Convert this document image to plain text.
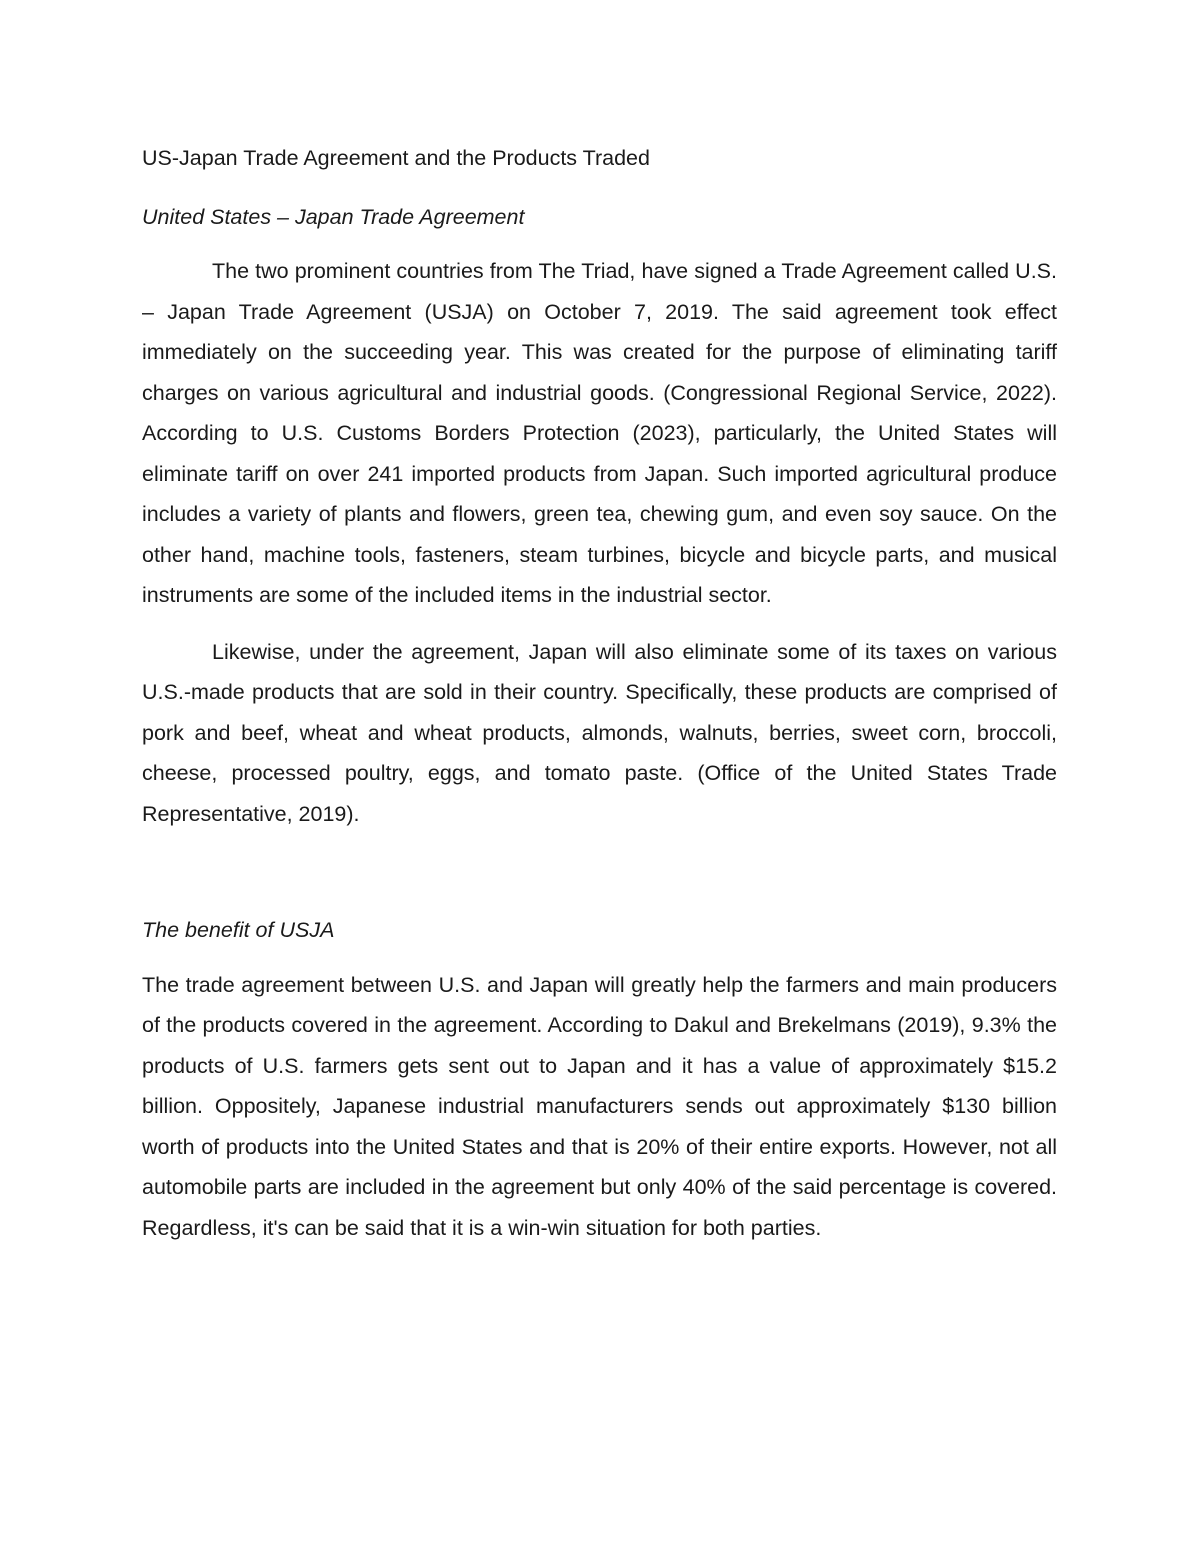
US-Japan Trade Agreement and the Products Traded

United States – Japan Trade Agreement

The two prominent countries from The Triad, have signed a Trade Agreement called U.S. – Japan Trade Agreement (USJA) on October 7, 2019. The said agreement took effect immediately on the succeeding year. This was created for the purpose of eliminating tariff charges on various agricultural and industrial goods. (Congressional Regional Service, 2022). According to U.S. Customs Borders Protection (2023), particularly, the United States will eliminate tariff on over 241 imported products from Japan. Such imported agricultural produce includes a variety of plants and flowers, green tea, chewing gum, and even soy sauce. On the other hand, machine tools, fasteners, steam turbines, bicycle and bicycle parts, and musical instruments are some of the included items in the industrial sector.

Likewise, under the agreement, Japan will also eliminate some of its taxes on various U.S.-made products that are sold in their country. Specifically, these products are comprised of pork and beef, wheat and wheat products, almonds, walnuts, berries, sweet corn, broccoli, cheese, processed poultry, eggs, and tomato paste. (Office of the United States Trade Representative, 2019).

The benefit of USJA

The trade agreement between U.S. and Japan will greatly help the farmers and main producers of the products covered in the agreement. According to Dakul and Brekelmans (2019), 9.3% the products of U.S. farmers gets sent out to Japan and it has a value of approximately $15.2 billion. Oppositely, Japanese industrial manufacturers sends out approximately $130 billion worth of products into the United States and that is 20% of their entire exports. However, not all automobile parts are included in the agreement but only 40% of the said percentage is covered. Regardless, it's can be said that it is a win-win situation for both parties.
